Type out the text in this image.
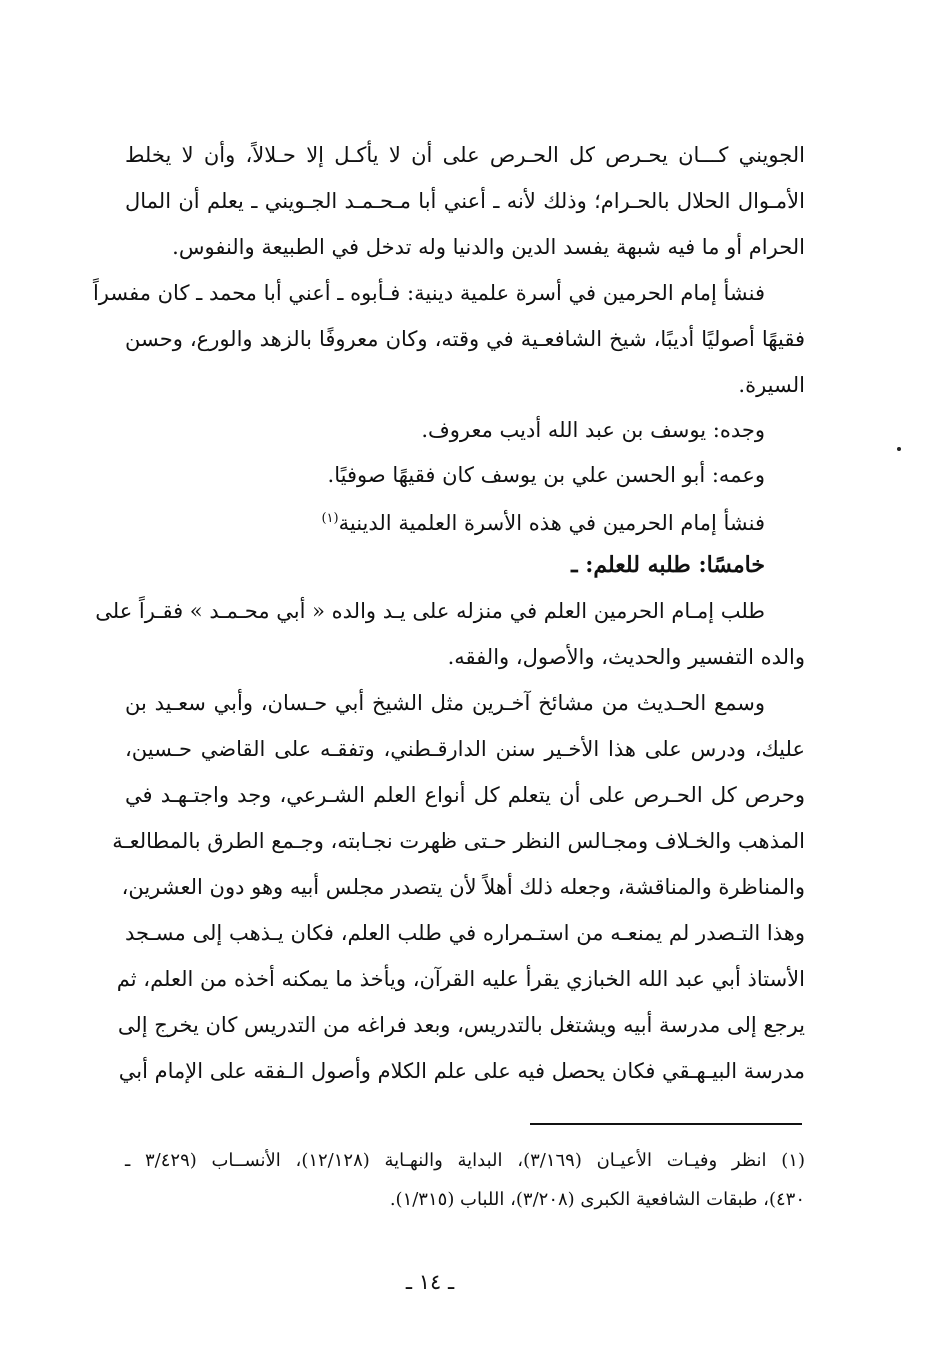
الجويني كـــان يحـرص كل الحـرص على أن لا يأكـل إلا حـلالاً، وأن لا يخلط
الأمـوال الحلال بالحـرام؛ وذلك لأنه ـ أعني أبا مـحـمـد الجـويني ـ يعلم أن المال
الحرام أو ما فيه شبهة يفسد الدين والدنيا وله تدخل في الطبيعة والنفوس.
فنشأ إمام الحرمين في أسرة علمية دينية: فـأبوه ـ أعني أبا محمد ـ كان مفسراً
فقيهًا أصوليًا أديبًا، شيخ الشافعـية في وقته، وكان معروفًا بالزهد والورع، وحسن
السيرة.
وجده: يوسف بن عبد الله أديب معروف.
وعمه: أبو الحسن علي بن يوسف كان فقيهًا صوفيًا.
فنشأ إمام الحرمين في هذه الأسرة العلمية الدينية$^{(١)}$
خامسًا: طلبه للعلم: ـ
طلب إمـام الحرمين العلم في منزله على يـد والده « أبي محـمـد » فقـراً على
والده التفسير والحديث، والأصول، والفقه.
وسمع الحـديث من مشائخ آخـرين مثل الشيخ أبي حـسان، وأبي سعـيد بن
عليك، ودرس على هذا الأخـير سنن الدارقـطني، وتفقـه على القاضي حـسين،
وحرص كل الحـرص على أن يتعلم كل أنواع العلم الشـرعي، وجد واجتـهـد في
المذهب والخـلاف ومجـالس النظر حـتى ظهرت نجـابته، وجـمع الطرق بالمطالعـة
والمناظرة والمناقشة، وجعله ذلك أهلاً لأن يتصدر مجلس أبيه وهو دون العشرين،
وهذا التـصدر لم يمنعـه من استـمراره في طلب العلم، فكان يـذهب إلى مسـجد
الأستاذ أبي عبد الله الخبازي يقرأ عليه القرآن، ويأخذ ما يمكنه أخذه من العلم، ثم
يرجع إلى مدرسة أبيه ويشتغل بالتدريس، وبعد فراغه من التدريس كان يخرج إلى
مدرسة البيـهـقي فكان يحصل فيه على علم الكلام وأصول الـفقه على الإمام أبي
(١) انظر وفيـات الأعيـان (٣/١٦٩)، البداية والنهـاية (١٢/١٢٨)، الأنســاب (٣/٤٢٩ ـ
٤٣٠)، طبقات الشافعية الكبرى (٣/٢٠٨)، اللباب (١/٣١٥).
ـ ١٤ ـ
